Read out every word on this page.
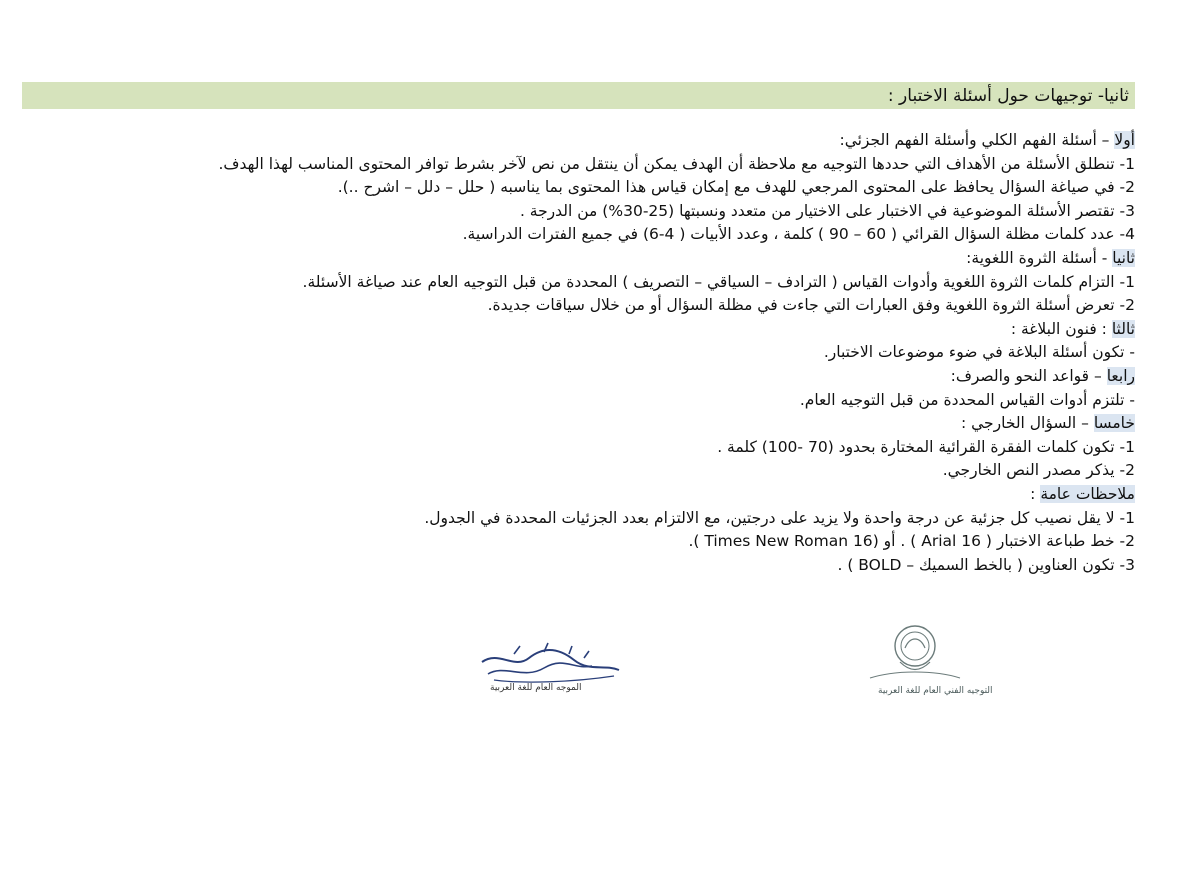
ثانيا- توجيهات حول أسئلة الاختبار :
أولا – أسئلة الفهم الكلي وأسئلة الفهم الجزئي:
1- تنطلق الأسئلة من الأهداف التي حددها التوجيه مع ملاحظة أن الهدف يمكن أن ينتقل من نص لآخر بشرط توافر المحتوى المناسب لهذا الهدف.
2- في صياغة السؤال يحافظ على المحتوى المرجعي للهدف مع إمكان قياس هذا المحتوى بما يناسبه ( حلل – دلل – اشرح ..).
3- تقتصر الأسئلة الموضوعية في الاختبار على الاختيار من متعدد ونسبتها (25-30%) من الدرجة .
4- عدد كلمات مظلة السؤال القرائي ( 60 – 90 ) كلمة ، وعدد الأبيات ( 4-6) في جميع الفترات الدراسية.
ثانيا - أسئلة الثروة اللغوية:
1- التزام كلمات الثروة اللغوية وأدوات القياس ( الترادف – السياقي – التصريف ) المحددة من قبل التوجيه العام عند صياغة الأسئلة.
2- تعرض أسئلة الثروة اللغوية وفق العبارات التي جاءت في مظلة السؤال أو من خلال سياقات جديدة.
ثالثا : فنون البلاغة :
- تكون أسئلة البلاغة في ضوء موضوعات الاختبار.
رابعا – قواعد النحو والصرف:
- تلتزم أدوات القياس المحددة من قبل التوجيه العام.
خامسا – السؤال الخارجي :
1- تكون كلمات الفقرة القرائية المختارة بحدود (70 -100) كلمة .
2- يذكر مصدر النص الخارجي.
ملاحظات عامة :
1- لا يقل نصيب كل جزئية عن درجة واحدة ولا يزيد على درجتين، مع الالتزام بعدد الجزئيات المحددة في الجدول.
2- خط طباعة الاختبار ( Arial 16 ) . أو (Times New Roman 16 ).
3- تكون العناوين ( بالخط السميك – BOLD ) .
الموجه العام للغة العربية	التوجيه الفني العام للغة العربية
